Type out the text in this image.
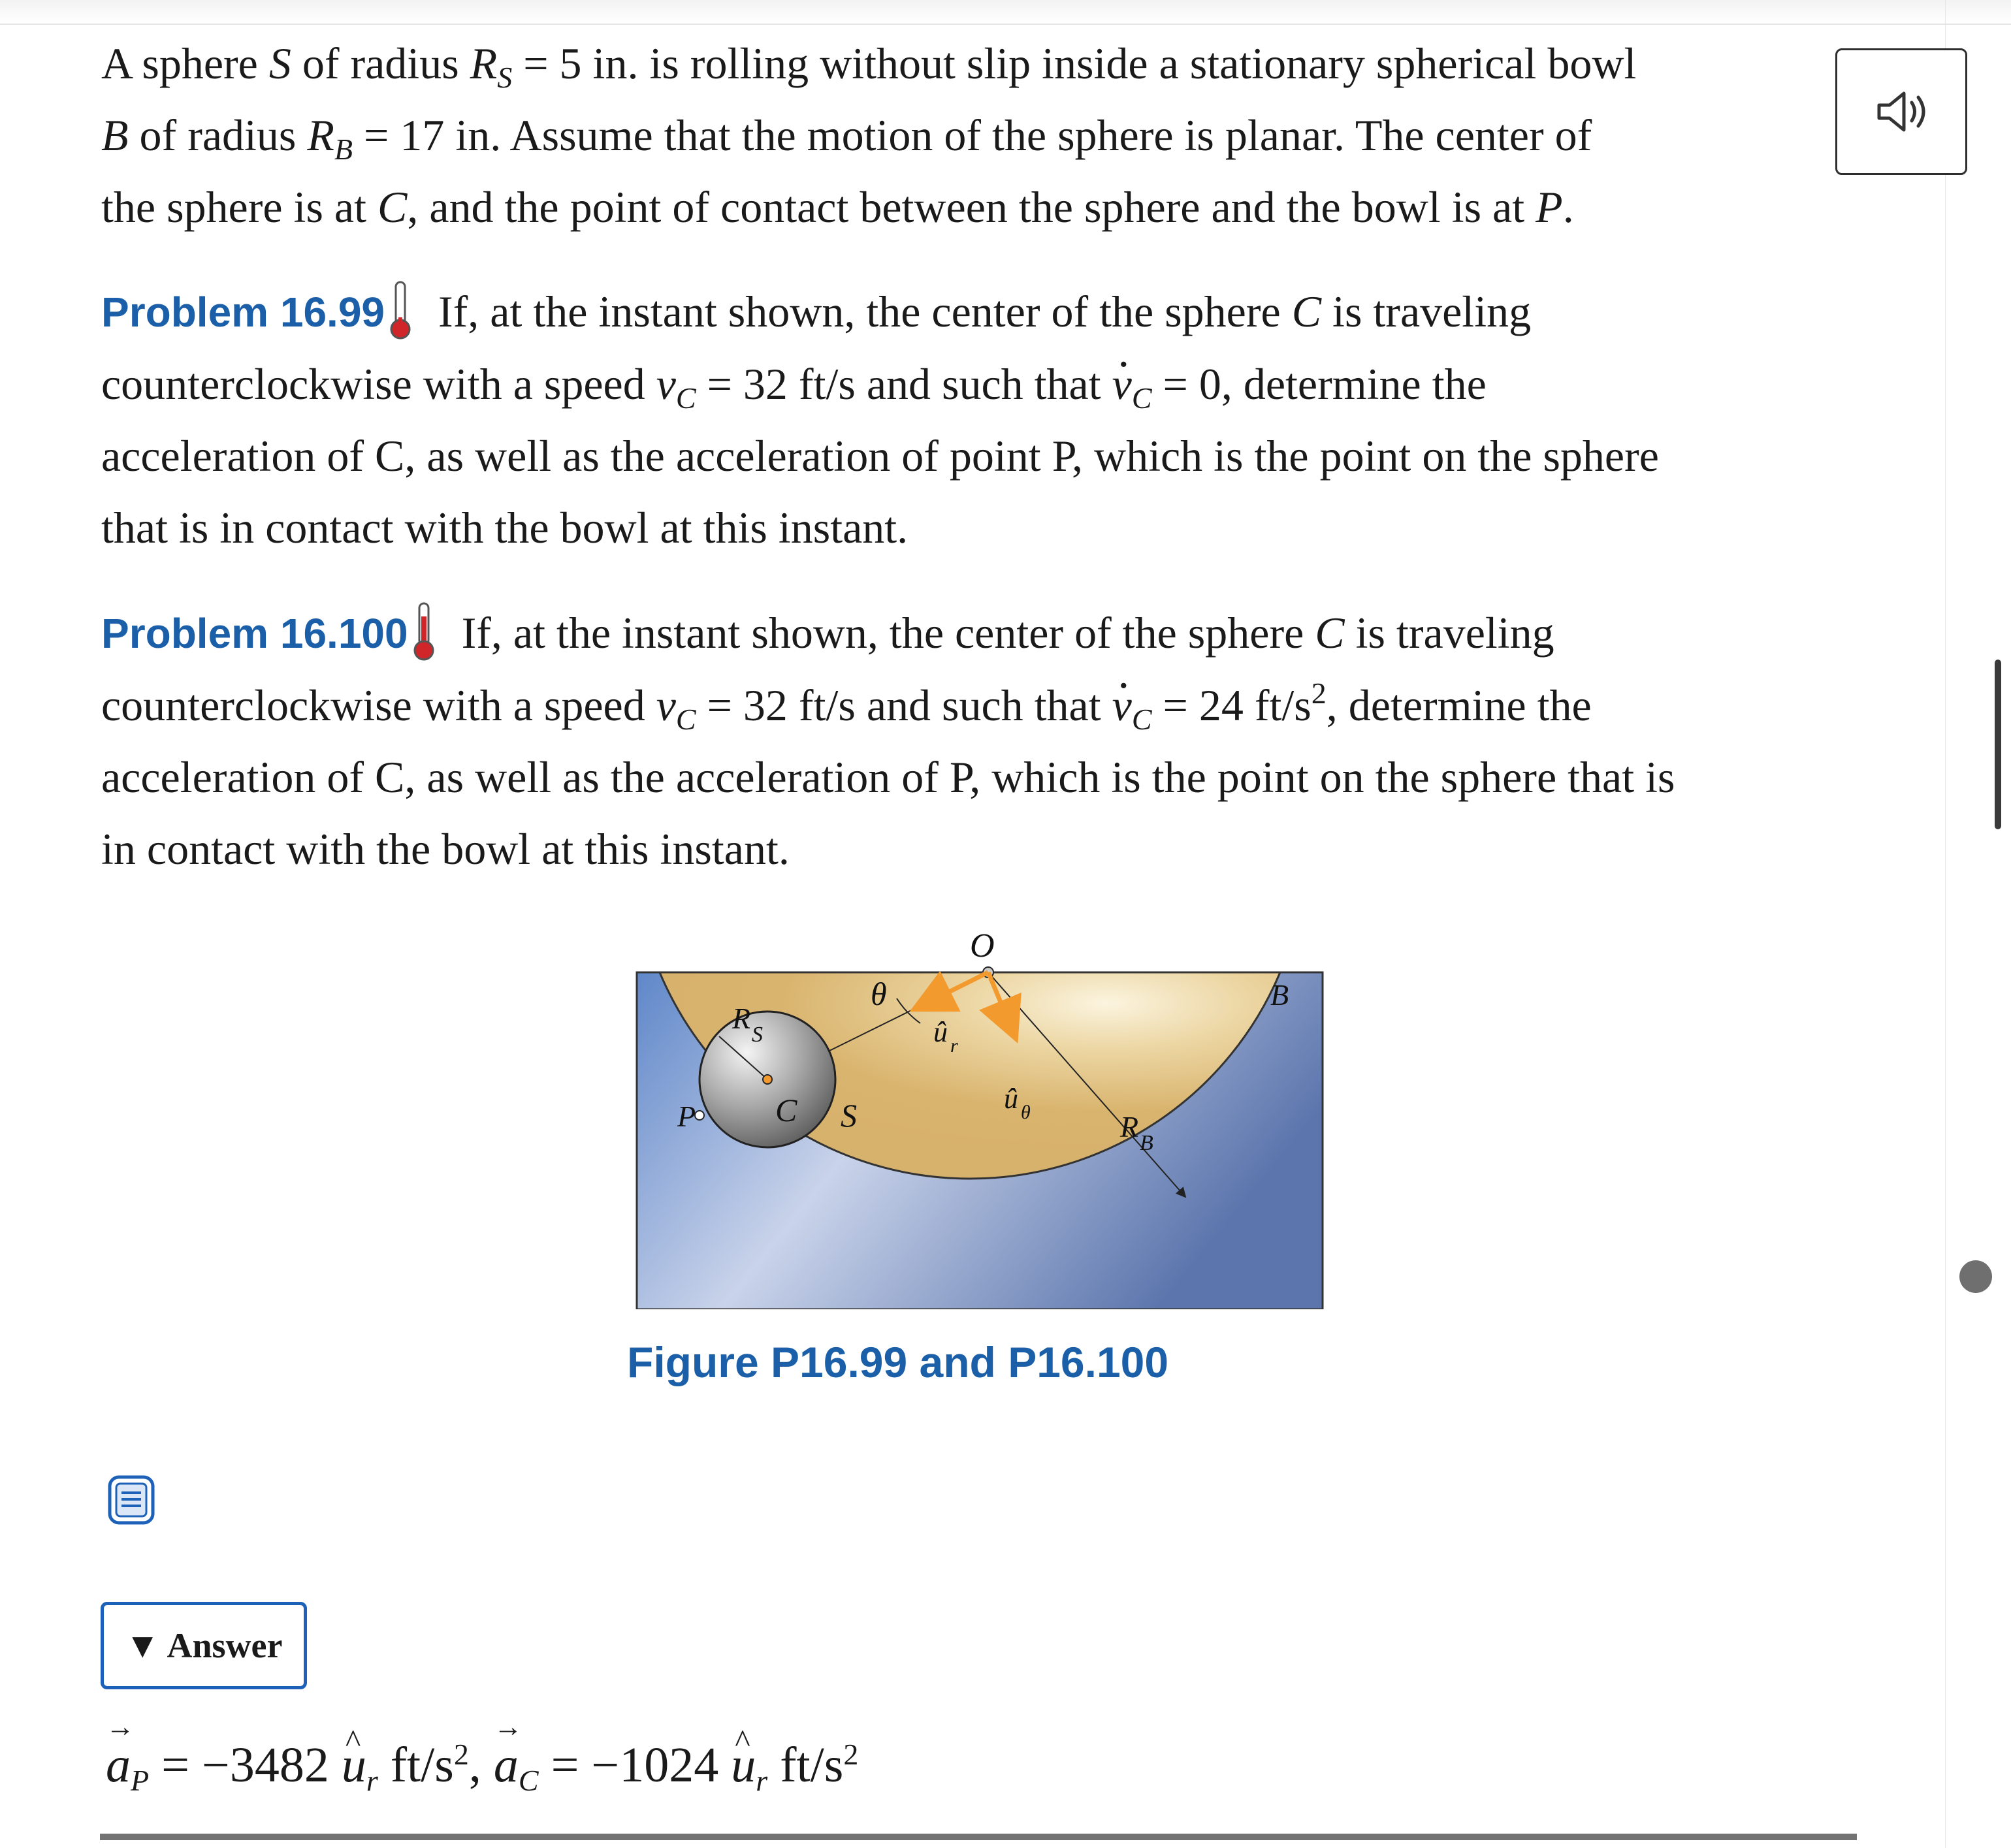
A sphere S of radius $R_S = 5$ in. is rolling without slip inside a stationary spherical bowl
B of radius $R_B = 17$ in. Assume that the motion of the sphere is planar. The center of
the sphere is at C, and the point of contact between the sphere and the bowl is at P.
Problem 16.99 If, at the instant shown, the center of the sphere C is traveling
counterclockwise with a speed $v_C = 32$ ft/s and such that · $v_C = 0$, determine the
acceleration of C, as well as the acceleration of point P, which is the point on the sphere
that is in contact with the bowl at this instant.
Problem 16.100 If, at the instant shown, the center of the sphere C is traveling
counterclockwise with a speed $v_C = 32$ ft/s and such that · $v_C = 24$ $ft/s^2$, determine the
acceleration of C, as well as the acceleration of P, which is the point on the sphere that is
in contact with the bowl at this instant.
O
B
θ
R S
C S
P
û r
û θ	R B
Figure P16.99 and P16.100
▼ Answer
→ $a_P = -3482$ ^ $u_r$ $ft/s^2$, → $a_C = -1024$ ^ $u_r$ $ft/s^2$
